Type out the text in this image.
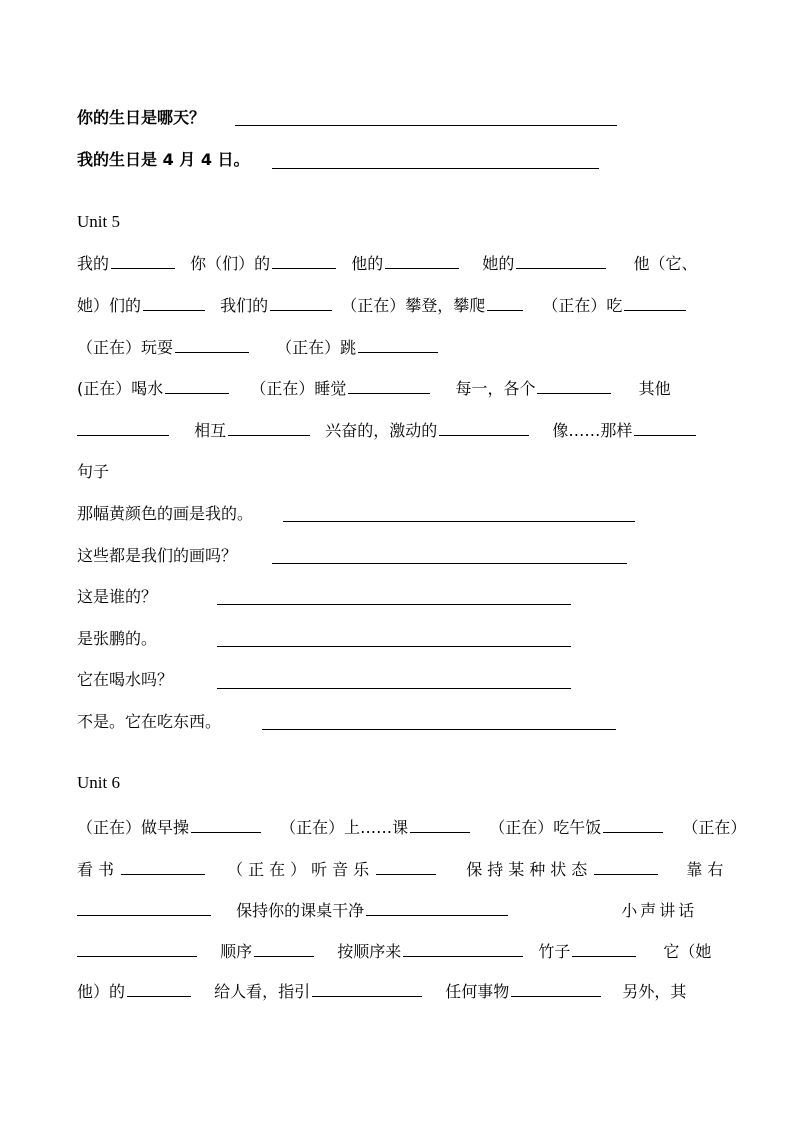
你的生日是哪天？
我的生日是 4 月 4 日。
Unit 5
我的	你（们）的	他的	她的	他（它、
她）们的	我们的	（正在）攀登，攀爬	（正在）吃
（正在）玩耍	（正在）跳
(正在）喝水	（正在）睡觉	每一，各个	其他
相互	兴奋的，激动的	像……那样
句子
那幅黄颜色的画是我的。
这些都是我们的画吗？
这是谁的？
是张鹏的。
它在喝水吗？
不是。它在吃东西。
Unit 6
（正在）做早操	（正在）上……课	（正在）吃午饭	（正在）
看书	（正在）听音乐	保持某种状态	靠右
保持你的课桌干净	小声讲话
顺序	按顺序来	竹子	它（她
他）的	给人看，指引	任何事物	另外，其
